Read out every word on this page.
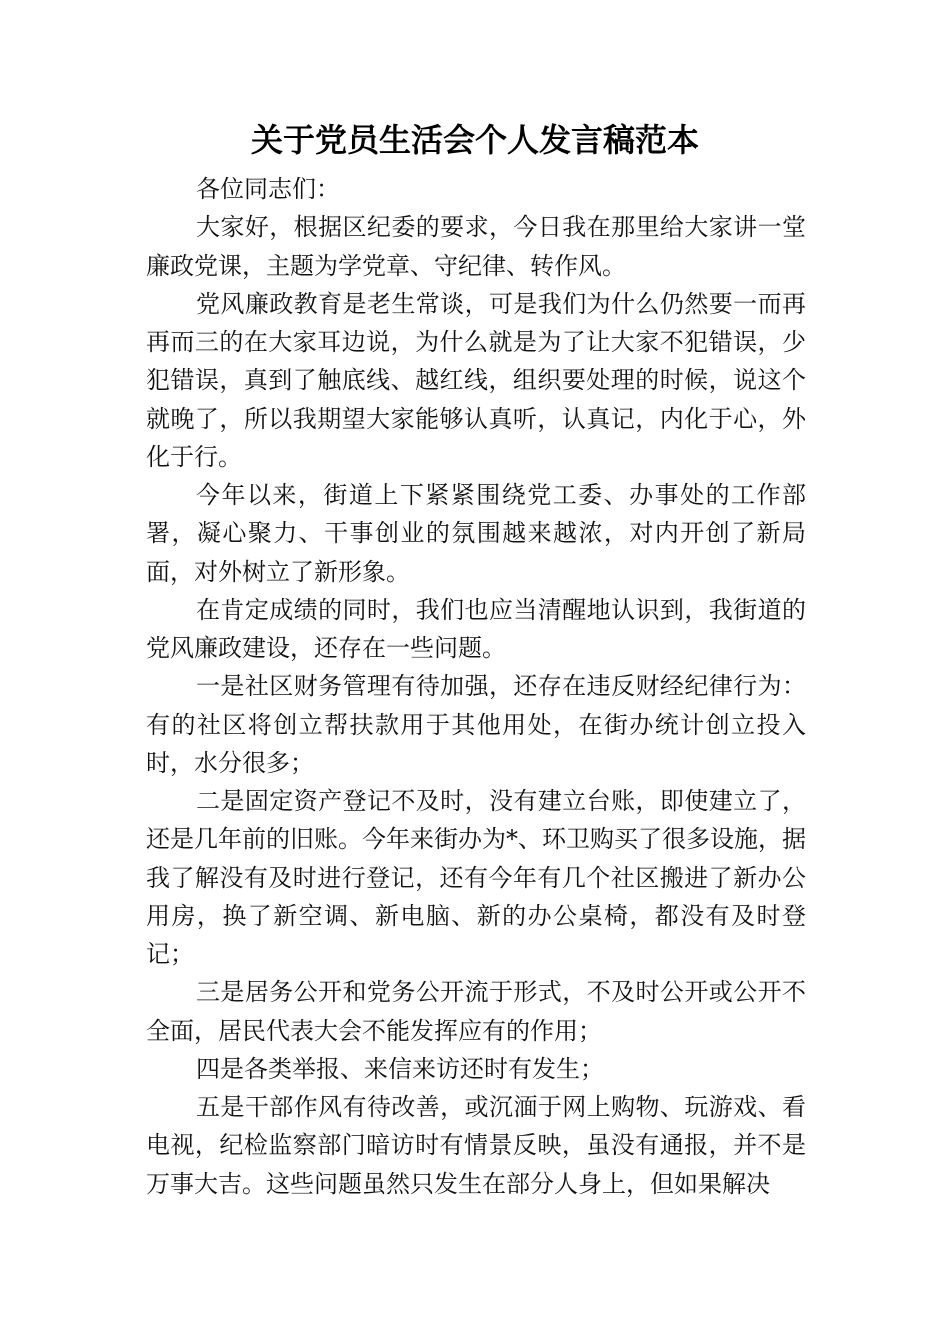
关于党员生活会个人发言稿范本

各位同志们：

大家好，根据区纪委的要求，今日我在那里给大家讲一堂廉政党课，主题为学党章、守纪律、转作风。

党风廉政教育是老生常谈，可是我们为什么仍然要一而再再而三的在大家耳边说，为什么就是为了让大家不犯错误，少犯错误，真到了触底线、越红线，组织要处理的时候，说这个就晚了，所以我期望大家能够认真听，认真记，内化于心，外化于行。

今年以来，街道上下紧紧围绕党工委、办事处的工作部署，凝心聚力、干事创业的氛围越来越浓，对内开创了新局面，对外树立了新形象。

在肯定成绩的同时，我们也应当清醒地认识到，我街道的党风廉政建设，还存在一些问题。

一是社区财务管理有待加强，还存在违反财经纪律行为：有的社区将创立帮扶款用于其他用处，在街办统计创立投入时，水分很多；

二是固定资产登记不及时，没有建立台账，即使建立了，还是几年前的旧账。今年来街办为*、环卫购买了很多设施，据我了解没有及时进行登记，还有今年有几个社区搬进了新办公用房，换了新空调、新电脑、新的办公桌椅，都没有及时登记；

三是居务公开和党务公开流于形式，不及时公开或公开不全面，居民代表大会不能发挥应有的作用；

四是各类举报、来信来访还时有发生；

五是干部作风有待改善，或沉湎于网上购物、玩游戏、看电视，纪检监察部门暗访时有情景反映，虽没有通报，并不是万事大吉。这些问题虽然只发生在部分人身上，但如果解决
